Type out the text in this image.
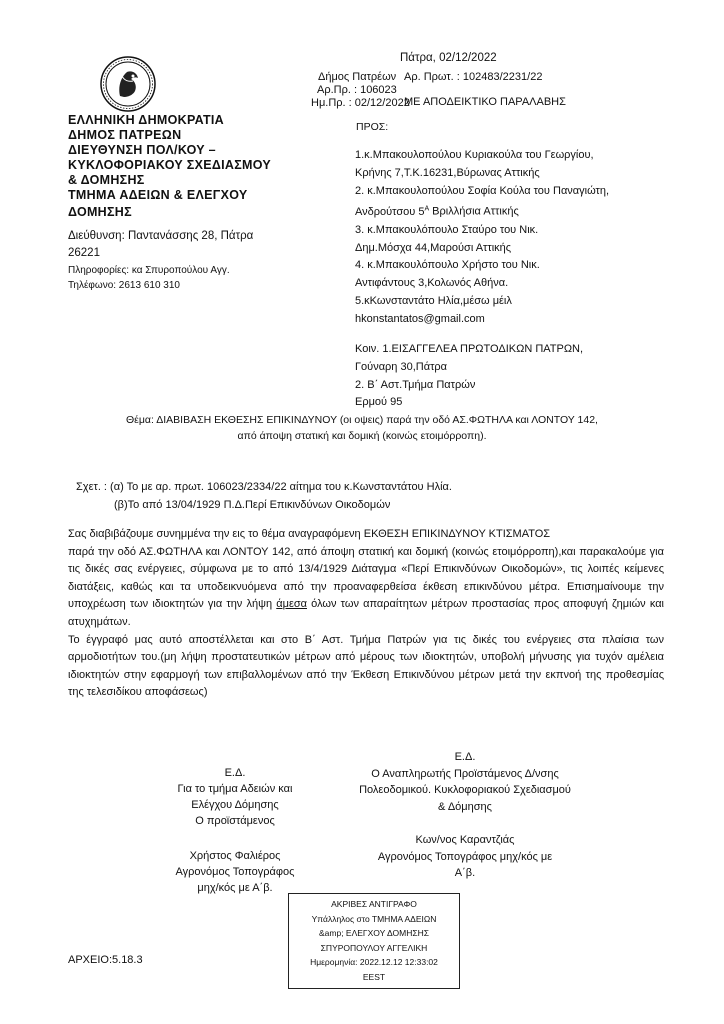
ΕΛΛΗΝΙΚΗ ΔΗΜΟΚΡΑΤΙΑ
ΔΗΜΟΣ ΠΑΤΡΕΩΝ
ΔΙΕΥΘΥΝΣΗ ΠΟΛ/ΚΟΥ –
ΚΥΚΛΟΦΟΡΙΑΚΟΥ ΣΧΕΔΙΑΣΜΟΥ
& ΔΟΜΗΣΗΣ
ΤΜΗΜΑ ΑΔΕΙΩΝ & ΕΛΕΓΧΟΥ
ΔΟΜΗΣΗΣ
Διεύθυνση: Παντανάσσης 28, Πάτρα
26221
Πληροφορίες: κα Σπυροπούλου Αγγ.
Τηλέφωνο: 2613 610 310
Πάτρα, 02/12/2022
Δήμος Πατρέων
Αρ.Πρ. : 106023
Ημ.Πρ. : 02/12/2022
Αρ. Πρωτ. : 102483/2231/22
ΜΕ ΑΠΟΔΕΙΚΤΙΚΟ ΠΑΡΑΛΑΒΗΣ
ΠΡΟΣ:
1.κ.Μπακουλοπούλου Κυριακούλα του Γεωργίου,
Κρήνης 7,Τ.Κ.16231,Βύρωνας Αττικής
2. κ.Μπακουλοπούλου Σοφία Κούλα του Παναγιώτη,
Ανδρούτσου $5^A$ Βριλλήσια Αττικής
3. κ.Μπακουλόπουλο Σταύρο του Νικ.
Δημ.Μόσχα 44,Μαρούσι Αττικής
4. κ.Μπακουλόπουλο Χρήστο του Νικ.
Αντιφάντους 3,Κολωνός Αθήνα.
5.κΚωνσταντάτο Ηλία,μέσω μέιλ
hkonstantatos@gmail.com
Κοιν. 1.ΕΙΣΑΓΓΕΛΕΑ ΠΡΩΤΟΔΙΚΩΝ ΠΑΤΡΩΝ,
Γούναρη 30,Πάτρα
2. Β΄ Αστ.Τμήμα Πατρών
Ερμού 95
Θέμα: ΔΙΑΒΙΒΑΣΗ ΕΚΘΕΣΗΣ ΕΠΙΚΙΝΔΥΝΟΥ (οι οψεις) παρά την οδό ΑΣ.ΦΩΤΗΛΑ και ΛΟΝΤΟΥ 142,
από άποψη στατική και δομική (κοινώς ετοιμόρροπη).
Σχετ. : (α) Το με αρ. πρωτ. 106023/2334/22 αίτημα του κ.Κωνσταντάτου Ηλία.
(β)Το από 13/04/1929 Π.Δ.Περί Επικινδύνων Οικοδομών

Σας διαβιβάζουμε συνημμένα την εις το θέμα αναγραφόμενη ΕΚΘΕΣΗ ΕΠΙΚΙΝΔΥΝΟΥ ΚΤΙΣΜΑΤΟΣ

παρά την οδό ΑΣ.ΦΩΤΗΛΑ και ΛΟΝΤΟΥ 142, από άποψη στατική και δομική (κοινώς ετοιμόρροπη),και παρακαλούμε για τις δικές σας ενέργειες, σύμφωνα με το από 13/4/1929 Διάταγμα «Περί Επικινδύνων Οικοδομών», τις λοιπές κείμενες διατάξεις, καθώς και τα υποδεικνυόμενα από την προαναφερθείσα έκθεση επικινδύνου μέτρα. Επισημαίνουμε την υποχρέωση των ιδιοκτητών για την λήψη άμεσα όλων των απαραίτητων μέτρων προστασίας προς αποφυγή ζημιών και ατυχημάτων.

Το έγγραφό μας αυτό αποστέλλεται και στο Β΄ Αστ. Τμήμα Πατρών για τις δικές του ενέργειες στα πλαίσια των αρμοδιοτήτων του.(μη λήψη προστατευτικών μέτρων από μέρους των ιδιοκτητών, υποβολή μήνυσης για τυχόν αμέλεια ιδιοκτητών στην εφαρμογή των επιβαλλομένων από την Έκθεση Επικινδύνου μέτρων μετά την εκπνοή της προθεσμίας της τελεσιδίκου αποφάσεως)

Ε.Δ.
Για το τμήμα Αδειών και
Ελέγχου Δόμησης
Ο προϊστάμενος
Χρήστος Φαλιέρος
Αγρονόμος Τοπογράφος
μηχ/κός με Α΄β.
Ε.Δ.
Ο Αναπληρωτής Προϊστάμενος Δ/νσης
Πολεοδομικού. Κυκλοφοριακού Σχεδιασμού
& Δόμησης
Κων/νος Καραντζιάς
Αγρονόμος Τοπογράφος μηχ/κός με
Α΄β.
ΑΚΡΙΒΕΣ ΑΝΤΙΓΡΑΦΟ
Υπάλληλος στο ΤΜΗΜΑ ΑΔΕΙΩΝ
&amp; ΕΛΕΓΧΟΥ ΔΟΜΗΣΗΣ
ΣΠΥΡΟΠΟΥΛΟΥ ΑΓΓΕΛΙΚΗ
Ημερομηνία: 2022.12.12 12:33:02
EEST
ΑΡΧΕΙΟ:5.18.3
